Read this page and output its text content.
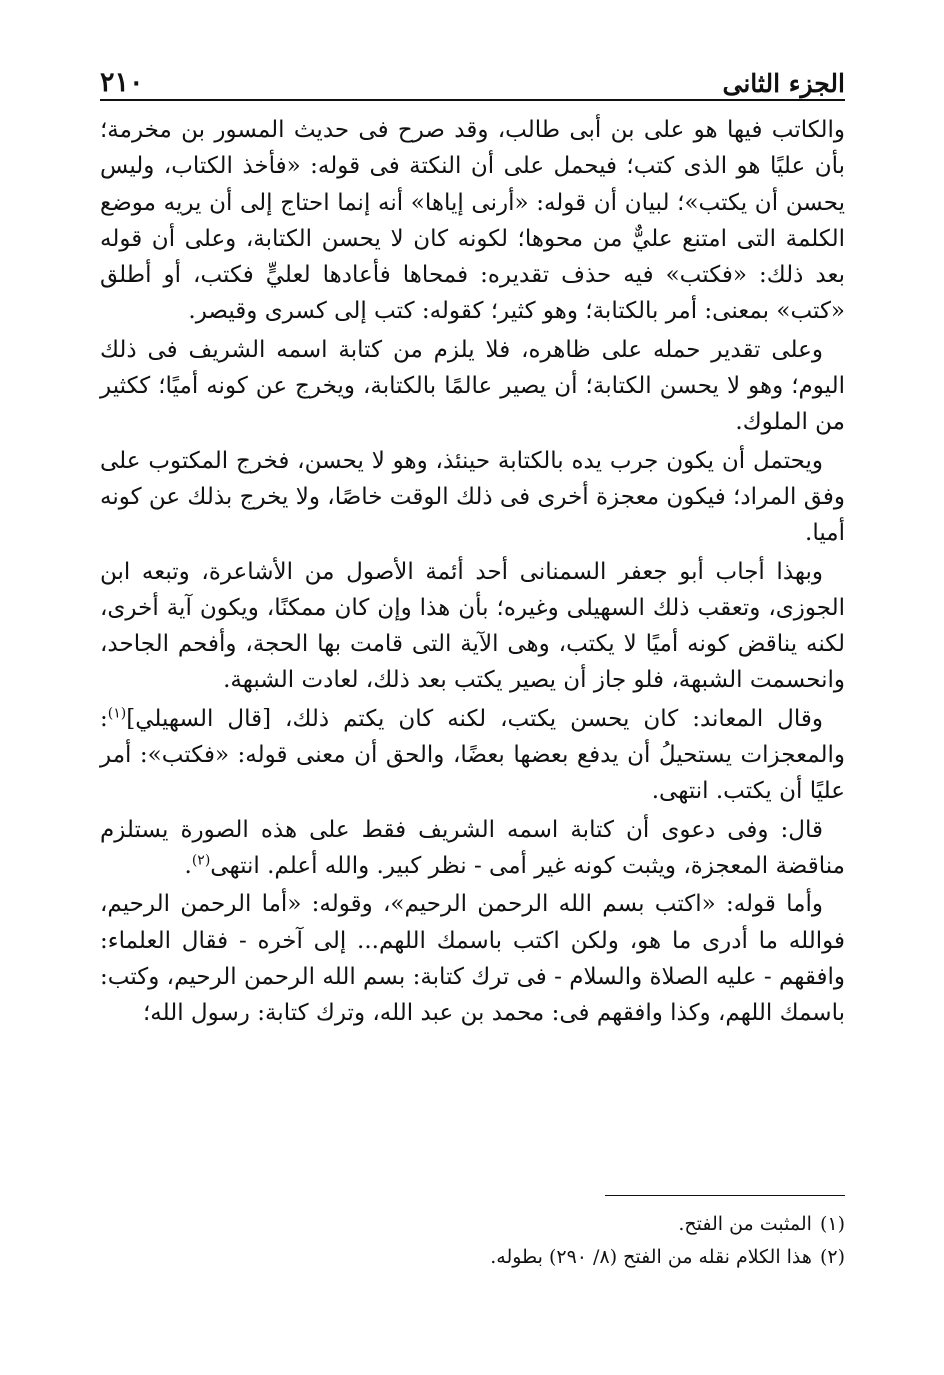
٢١٠	الجزء الثانى

والكاتب فيها هو على بن أبى طالب، وقد صرح فى حديث المسور بن مخرمة؛ بأن عليًا هو الذى كتب؛ فيحمل على أن النكتة فى قوله: «فأخذ الكتاب، وليس يحسن أن يكتب»؛ لبيان أن قوله: «أرنى إياها» أنه إنما احتاج إلى أن يريه موضع الكلمة التى امتنع عليٌّ من محوها؛ لكونه كان لا يحسن الكتابة، وعلى أن قوله بعد ذلك: «فكتب» فيه حذف تقديره: فمحاها فأعادها لعليٍّ فكتب، أو أطلق «كتب» بمعنى: أمر بالكتابة؛ وهو كثير؛ كقوله: كتب إلى كسرى وقيصر.

وعلى تقدير حمله على ظاهره، فلا يلزم من كتابة اسمه الشريف فى ذلك اليوم؛ وهو لا يحسن الكتابة؛ أن يصير عالمًا بالكتابة، ويخرج عن كونه أميًا؛ ككثير من الملوك.

ويحتمل أن يكون جرب يده بالكتابة حينئذ، وهو لا يحسن، فخرج المكتوب على وفق المراد؛ فيكون معجزة أخرى فى ذلك الوقت خاصًا، ولا يخرج بذلك عن كونه أميا.

وبهذا أجاب أبو جعفر السمنانى أحد أئمة الأصول من الأشاعرة، وتبعه ابن الجوزى، وتعقب ذلك السهيلى وغيره؛ بأن هذا وإن كان ممكنًا، ويكون آية أخرى، لكنه يناقض كونه أميًا لا يكتب، وهى الآية التى قامت بها الحجة، وأفحم الجاحد، وانحسمت الشبهة، فلو جاز أن يصير يكتب بعد ذلك، لعادت الشبهة.

وقال المعاند: كان يحسن يكتب، لكنه كان يكتم ذلك، [قال السهيلي]$^{(١)}$: والمعجزات يستحيلُ أن يدفع بعضها بعضًا، والحق أن معنى قوله: «فكتب»: أمر عليًا أن يكتب. انتهى.

قال: وفى دعوى أن كتابة اسمه الشريف فقط على هذه الصورة يستلزم مناقضة المعجزة، ويثبت كونه غير أمى - نظر كبير. والله أعلم. انتهى$^{(٢)}$.

وأما قوله: «اكتب بسم الله الرحمن الرحيم»، وقوله: «أما الرحمن الرحيم، فوالله ما أدرى ما هو، ولكن اكتب باسمك اللهم... إلى آخره - فقال العلماء: وافقهم - عليه الصلاة والسلام - فى ترك كتابة: بسم الله الرحمن الرحيم، وكتب: باسمك اللهم، وكذا وافقهم فى: محمد بن عبد الله، وترك كتابة: رسول الله؛

(١)المثبت من الفتح.
(٢)هذا الكلام نقله من الفتح (٨/ ٢٩٠) بطوله.
